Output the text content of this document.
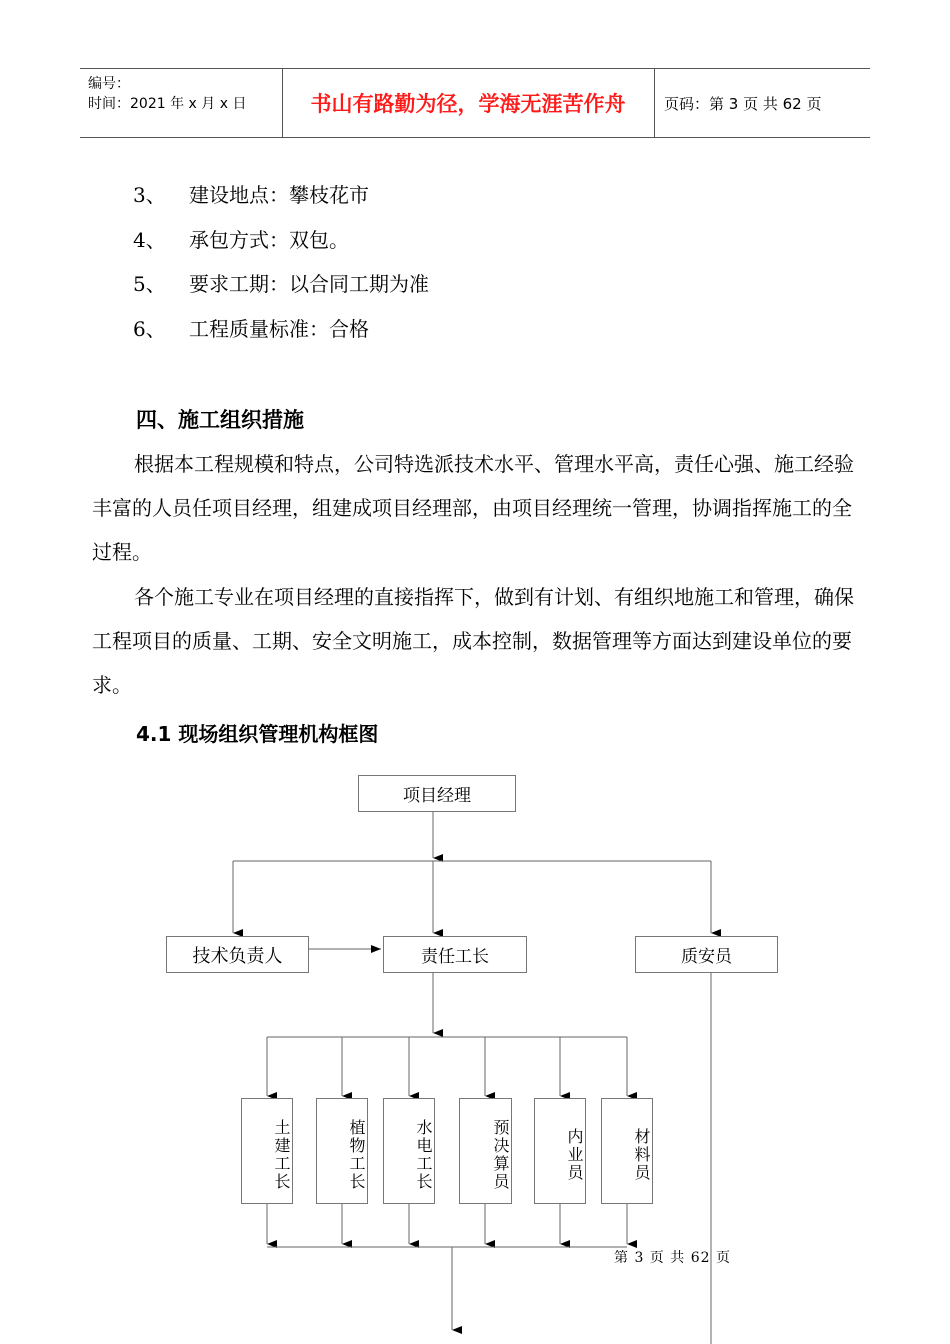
编号：
时间：2021 年 x 月 x 日	书山有路勤为径，学海无涯苦作舟	页码：第 3 页 共 62 页
3、 建设地点：攀枝花市
4、 承包方式：双包。
5、 要求工期：以合同工期为准
6、 工程质量标准：合格
四、施工组织措施
根据本工程规模和特点，公司特选派技术水平、管理水平高，责任心强、施工经验丰富的人员任项目经理，组建成项目经理部，由项目经理统一管理，协调指挥施工的全过程。
各个施工专业在项目经理的直接指挥下，做到有计划、有组织地施工和管理，确保工程项目的质量、工期、安全文明施工，成本控制，数据管理等方面达到建设单位的要求。
4.1 现场组织管理机构框图
项目经理
技术负责人	责任工长	质安员
土建工长	植物工长	水电工长	预决算员	内业员	材料员
第 3 页 共 62 页
